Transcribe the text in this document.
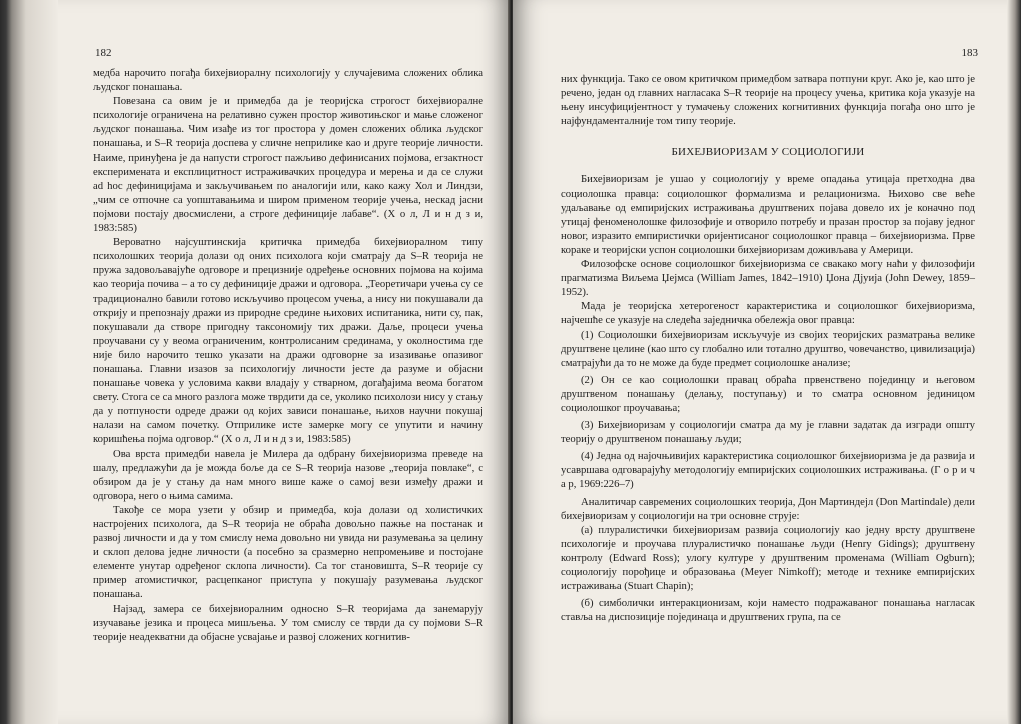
182

медба нарочито погађа бихејвиоралну психологију у случајевима сложених облика људског понашања.

Повезана са овим је и примедба да је теоријска строгост бихејвиоралне психологије ограничена на релативно сужен простор животињског и мање сложеног људског понашања. Чим изађе из тог простора у домен сложених облика људског понашања, и S–R теорија доспева у сличне неприлике као и друге теорије личности. Наиме, принуђена је да напусти строгост пажљиво дефинисаних појмова, егзактност експеримената и експлицитност истраживачких процедура и мерења и да се служи ad hoc дефиницијама и закључивањем по аналогији или, како кажу Хол и Линдзи, „чим се отпочне са уопштавањима и широм применом теорије учења, нескад јасни појмови постају двосмислени, а строге дефиниције лабаве“. (Х о л, Л и н д з и, 1983:585)

Вероватно најсуштинскија критичка примедба бихејвиоралном типу психолошких теорија долази од оних психолога који сматрају да S–R теорија не пружа задовољавајуће одговоре и прецизније одређење основних појмова на којима као теорија почива – а то су дефиниције дражи и одговора. „Теоретичари учења су се традиционално бавили готово искључиво процесом учења, а нису ни покушавали да открију и препознају дражи из природне средине њихових испитаника, нити су, пак, покушавали да створе пригодну таксономију тих дражи. Даље, процеси учења проучавани су у веома ограниченим, контролисаним срединама, у околностима где није било нарочито тешко указати на дражи одговорне за изазивање опазивог понашања. Главни изазов за психологију личности јесте да разуме и објасни понашање човека у условима какви владају у стварном, догађајима веома богатом свету. Стога се са много разлога може тврдити да се, уколико психолози нису у стању да у потпуности одреде дражи од којих зависи понашање, њихов научни покушај налази на самом почетку. Отприлике исте замерке могу се упутити и начину коришћења појма одговор.“ (Х о л, Л и н д з и, 1983:585)

Ова врста примедби навела је Милера да одбрану бихејвиоризма преведе на шалу, предлажући да је можда боље да се S–R теорија назове „теорија повлаке“, с обзиром да је у стању да нам много више каже о самој вези између дражи и одговора, него о њима самима.

Такође се мора узети у обзир и примедба, која долази од холистичких настројених психолога, да S–R теорија не обраћа довољно пажње на постанак и развој личности и да у том смислу нема довољно ни увида ни разумевања за целину и склоп делова једне личности (а посебно за сразмерно непромењиве и постојане елементе унутар одређеног склопа личности). Са тог становишта, S–R теорије су пример атомистичког, расцепканог приступа у покушају разумевања људског понашања.

Најзад, замера се бихејвиоралним односно S–R теоријама да занемарују изучавање језика и процеса мишљења. У том смислу се тврди да су појмови S–R теорије неадекватни да објасне усвајање и развој сложених когнитив-

183

них функција. Тако се овом критичком примедбом затвара потпуни круг. Ако је, као што је речено, један од главних нагласака S–R теорије на процесу учења, критика која указује на њену инсуфицијентност у тумачењу сложених когнитивних функција погађа оно што је најфундаменталније том типу теорије.

БИХЕЈВИОРИЗАМ У СОЦИОЛОГИЈИ

Бихејвиоризам је ушао у социологију у време опадања утицаја претходна два социолошка правца: социолошког формализма и релационизма. Њихово све веће удаљавање од емпиријских истраживања друштвених појава довело их је коначно под утицај феноменолошке филозофије и отворило потребу и празан простор за појаву једног новог, изразито емпиристички оријентисаног социолошког правца – бихејвиоризма. Прве кораке и теоријски успон социолошки бихејвиоризам доживљава у Америци.

Филозофске основе социолошког бихејвиоризма се свакако могу наћи у филозофији прагматизма Виљема Џејмса (William James, 1842–1910) Џона Дјуија (John Dewey, 1859–1952).

Мада је теоријска хетерогеност карактеристика и социолошког бихејвиоризма, најчешће се указује на следећа заједничка обележја овог правца:

(1) Социолошки бихејвиоризам искључује из својих теоријских разматрања велике друштвене целине (као што су глобално или тотално друштво, човечанство, цивилизација) сматрајући да то не може да буде предмет социолошке анализе;

(2) Он се као социолошки правац обраћа првенствено појединцу и његовом друштвеном понашању (делању, поступању) и то сматра основном јединицом социолошког проучавања;

(3) Бихејвиоризам у социологији сматра да му је главни задатак да изгради општу теорију о друштвеном понашању људи;

(4) Једна од најочњивијих карактеристика социолошког бихејвиоризма је да развија и усавршава одговарајућу методологију емпиријских социолошких истраживања. (Г о р и ч а р, 1969:226–7)

Аналитичар савремених социолошких теорија, Дон Мартиндејл (Don Martindale) дели бихејвиоризам у социологији на три основне струје:

(а) плуралистички бихејвиоризам развија социологију као једну врсту друштвене психологије и проучава плуралистичко понашање људи (Henry Gidings); друштвену контролу (Edward Ross); улогу културе у друштвеним променама (William Ogburn); социологију порођице и образовања (Meyer Nimkoff); методе и технике емпиријских истраживања (Stuart Chapin);

(б) симболички интеракционизам, који наместо подражаваног понашања нагласак ставља на диспозиције појединаца и друштвених група, па се
